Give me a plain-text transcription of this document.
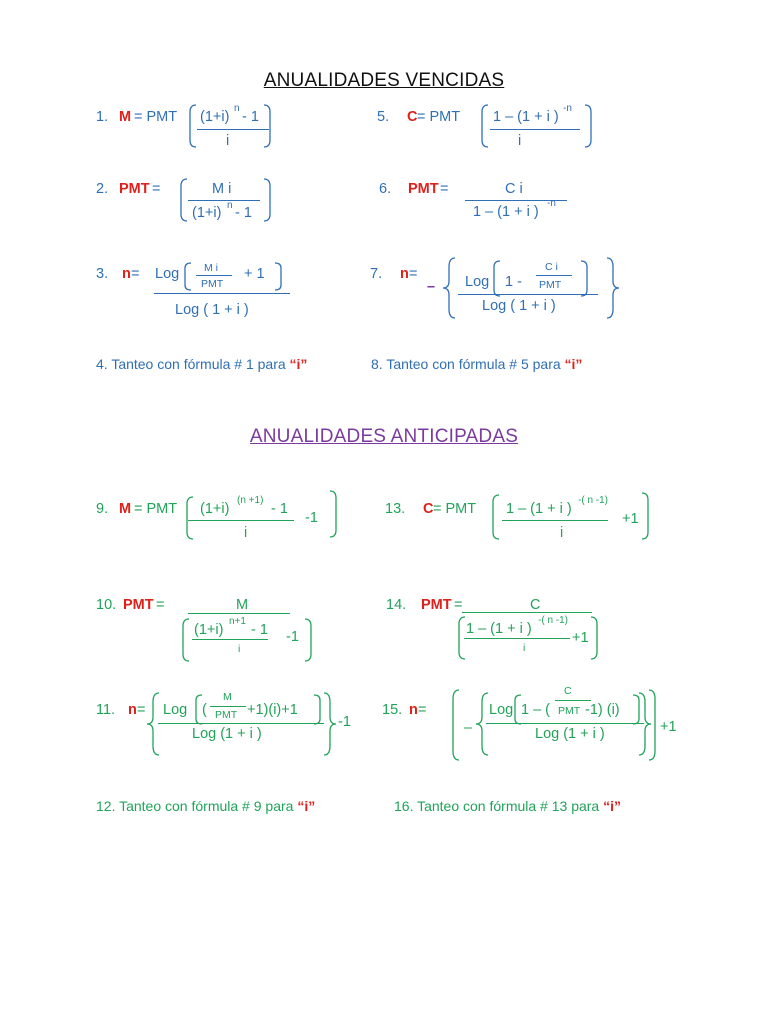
ANUALIDADES VENCIDAS
1. M = PMT (1+i)
n
- 1
i
5. C = PMT 1 – (1 + i )
-n
i
2. PMT =	M i
(1+i) n - 1
6. PMT =	C i
1 – (1 + i )
-n
3. n = Log M i
PMT
+ 1
Log ( 1 + i )
7. n =
– Log 1 -
C i
PMT
Log ( 1 + i )
4. Tanteo con fórmula # 1 para “i”	8. Tanteo con fórmula # 5 para “i”
ANUALIDADES ANTICIPADAS
9. M = PMT (1+i)
(n +1)
- 1
i
-1
13. C = PMT 1 – (1 + i )
-( n -1)
i
+1
10. PMT =	M
(1+i)
n+1
- 1
i
-1
14. PMT =	C
1 – (1 + i )
-( n -1)
i
+1
11. n = Log (
M
PMT +1)(i)+1
Log (1 + i )
-1
15. n =
–
Log 1 – (
C
PMT -1) (i)
Log (1 + i )	+1
12. Tanteo con fórmula # 9 para “i”	16. Tanteo con fórmula # 13 para “i”
